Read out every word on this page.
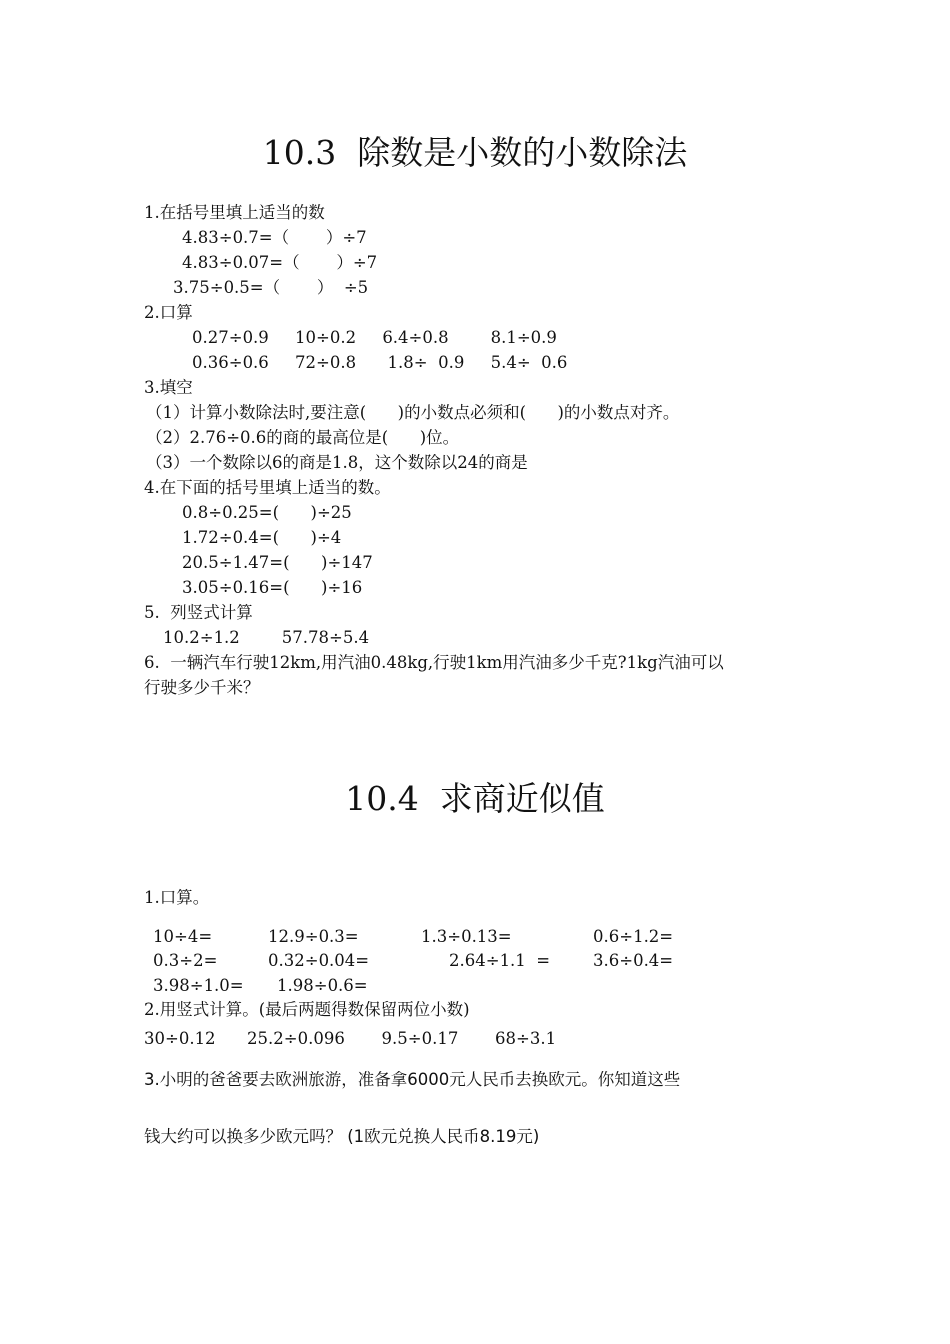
10.3  除数是小数的小数除法
1.在括号里填上适当的数
4.83÷0.7=（       ）÷7
4.83÷0.07=（       ）÷7
3.75÷0.5=（       ）  ÷5
2.口算
0.27÷0.9     10÷0.2     6.4÷0.8        8.1÷0.9
0.36÷0.6     72÷0.8      1.8÷  0.9     5.4÷  0.6
3.填空
（1）计算小数除法时,要注意(      )的小数点必须和(      )的小数点对齐。
（2）2.76÷0.6的商的最高位是(      )位。
（3）一个数除以6的商是1.8，这个数除以24的商是
4.在下面的括号里填上适当的数。
0.8÷0.25=(      )÷25
1.72÷0.4=(      )÷4
20.5÷1.47=(      )÷147
3.05÷0.16=(      )÷16
5.  列竖式计算
10.2÷1.2        57.78÷5.4
6.  一辆汽车行驶12km,用汽油0.48kg,行驶1km用汽油多少千克?1kg汽油可以
行驶多少千米？
10.4  求商近似值
1.口算。
10÷4=	12.9÷0.3=	1.3÷0.13=	0.6÷1.2=
0.3÷2=	0.32÷0.04=	2.64÷1.1  =	3.6÷0.4=
3.98÷1.0= 1.98÷0.6=
2.用竖式计算。(最后两题得数保留两位小数)
30÷0.12      25.2÷0.096       9.5÷0.17       68÷3.1
3.小明的爸爸要去欧洲旅游，准备拿6000元人民币去换欧元。你知道这些
钱大约可以换多少欧元吗？ (1欧元兑换人民币8.19元)
